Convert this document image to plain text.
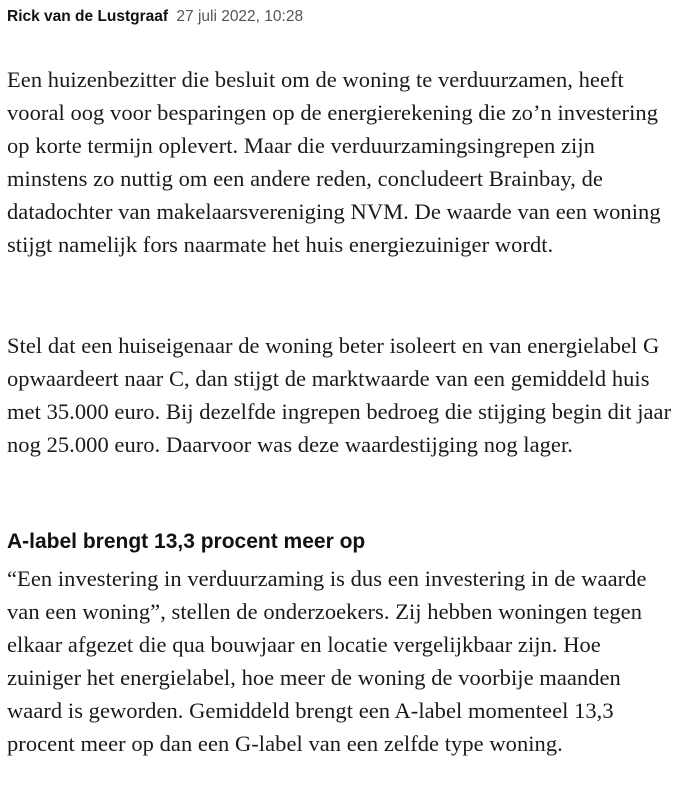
Rick van de Lustgraaf 27 juli 2022, 10:28

Een huizenbezitter die besluit om de woning te verduurzamen, heeft vooral oog voor besparingen op de energierekening die zo’n investering op korte termijn oplevert. Maar die verduurzamingsingrepen zijn minstens zo nuttig om een andere reden, concludeert Brainbay, de datadochter van makelaarsvereniging NVM. De waarde van een woning stijgt namelijk fors naarmate het huis energiezuiniger wordt.

Stel dat een huiseigenaar de woning beter isoleert en van energielabel G opwaardeert naar C, dan stijgt de marktwaarde van een gemiddeld huis met 35.000 euro. Bij dezelfde ingrepen bedroeg die stijging begin dit jaar nog 25.000 euro. Daarvoor was deze waardestijging nog lager.

A-label brengt 13,3 procent meer op

“Een investering in verduurzaming is dus een investering in de waarde van een woning”, stellen de onderzoekers. Zij hebben woningen tegen elkaar afgezet die qua bouwjaar en locatie vergelijkbaar zijn. Hoe zuiniger het energielabel, hoe meer de woning de voorbije maanden waard is geworden. Gemiddeld brengt een A-label momenteel 13,3 procent meer op dan een G-label van een zelfde type woning.
